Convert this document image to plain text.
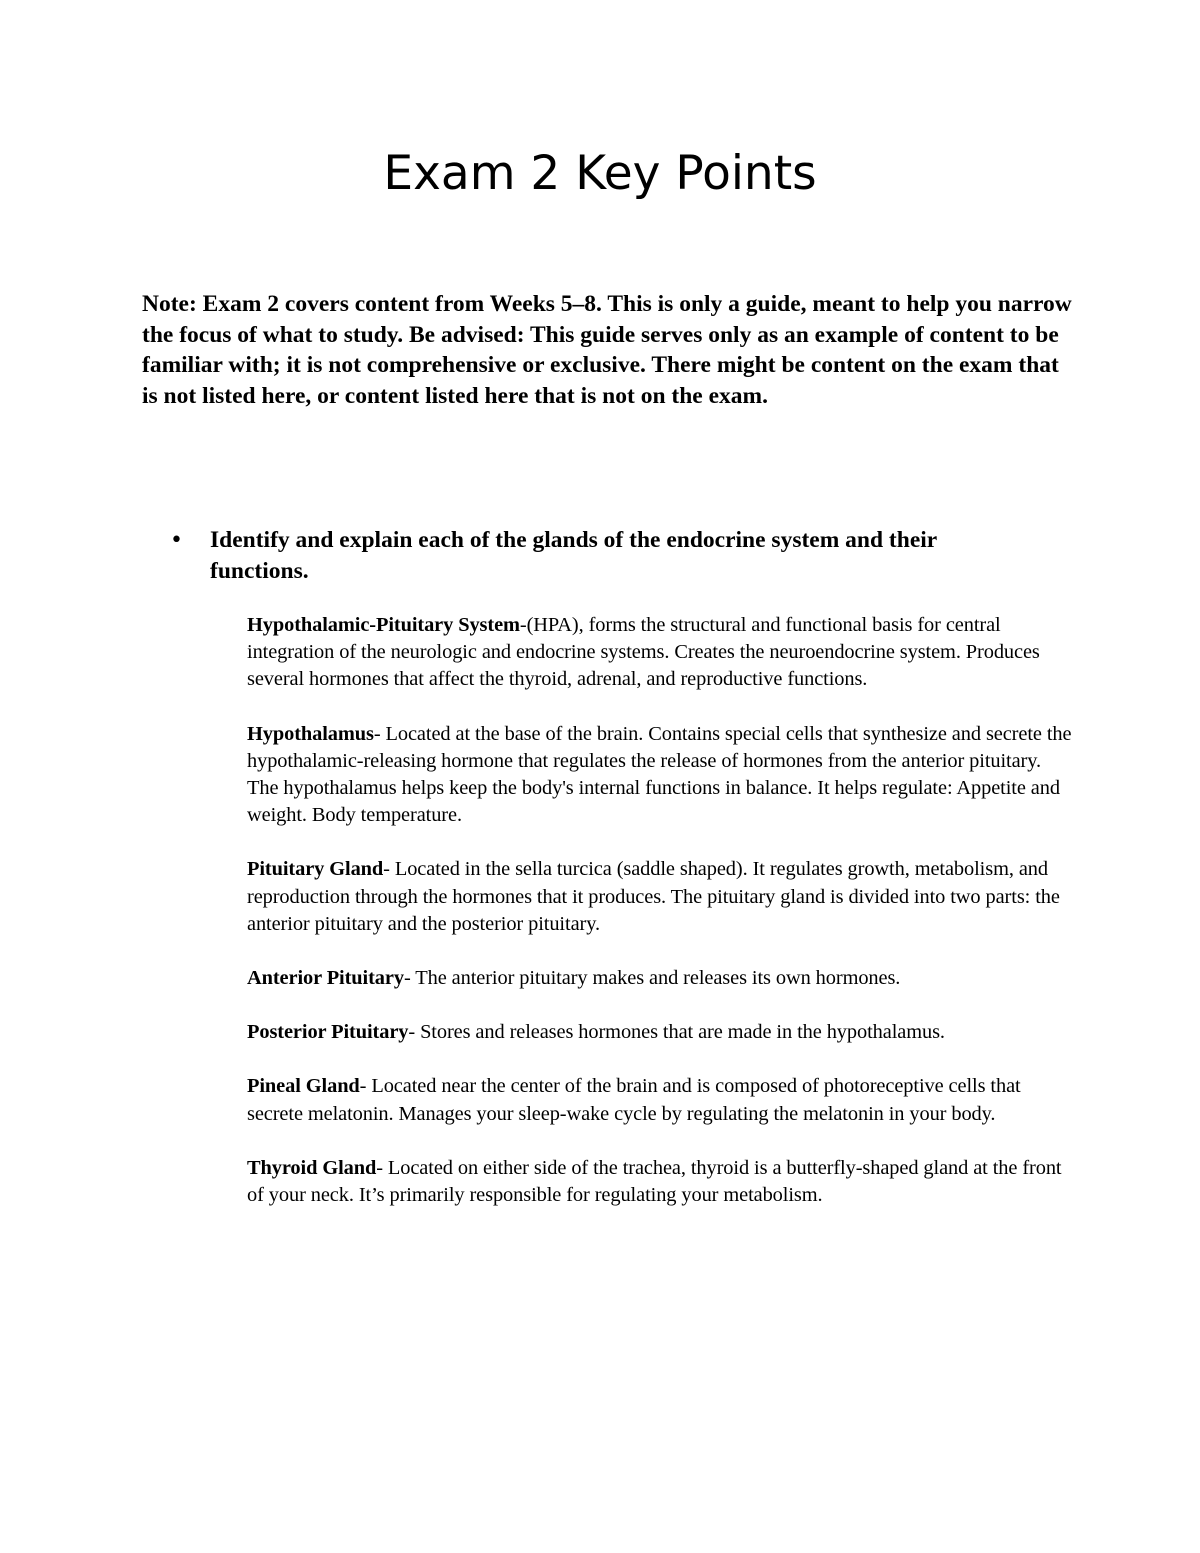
Exam 2 Key Points

Note: Exam 2 covers content from Weeks 5–8. This is only a guide, meant to help you narrow the focus of what to study. Be advised: This guide serves only as an example of content to be familiar with; it is not comprehensive or exclusive. There might be content on the exam that is not listed here, or content listed here that is not on the exam.

• Identify and explain each of the glands of the endocrine system and their functions.

Hypothalamic-Pituitary System-(HPA), forms the structural and functional basis for central integration of the neurologic and endocrine systems. Creates the neuroendocrine system. Produces several hormones that affect the thyroid, adrenal, and reproductive functions.

Hypothalamus- Located at the base of the brain. Contains special cells that synthesize and secrete the hypothalamic-releasing hormone that regulates the release of hormones from the anterior pituitary. The hypothalamus helps keep the body's internal functions in balance. It helps regulate: Appetite and weight. Body temperature.

Pituitary Gland- Located in the sella turcica (saddle shaped). It regulates growth, metabolism, and reproduction through the hormones that it produces. The pituitary gland is divided into two parts: the anterior pituitary and the posterior pituitary.

Anterior Pituitary- The anterior pituitary makes and releases its own hormones.

Posterior Pituitary- Stores and releases hormones that are made in the hypothalamus.

Pineal Gland- Located near the center of the brain and is composed of photoreceptive cells that secrete melatonin. Manages your sleep-wake cycle by regulating the melatonin in your body.

Thyroid Gland- Located on either side of the trachea, thyroid is a butterfly-shaped gland at the front of your neck. It’s primarily responsible for regulating your metabolism.
